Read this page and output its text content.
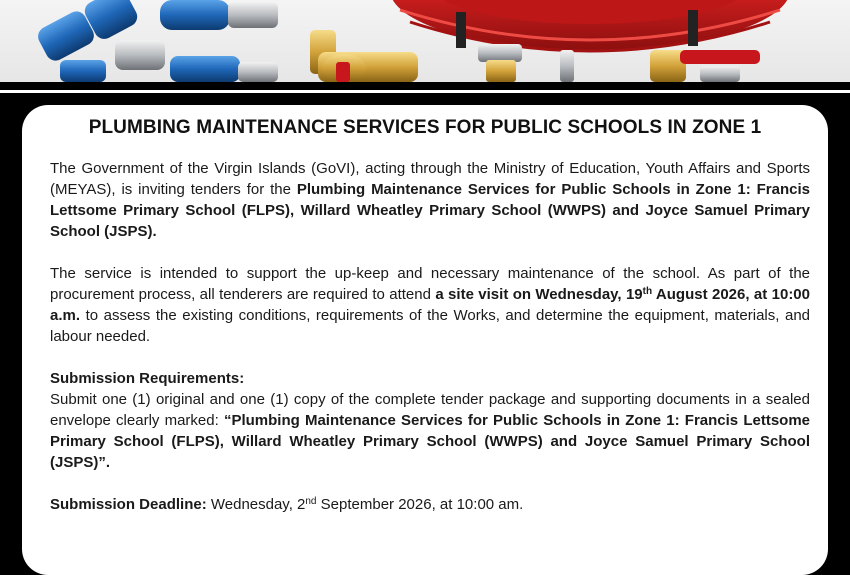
PLUMBING MAINTENANCE SERVICES FOR PUBLIC SCHOOLS IN ZONE 1

The Government of the Virgin Islands (GoVI), acting through the Ministry of Education, Youth Affairs and Sports (MEYAS), is inviting tenders for the Plumbing Maintenance Services for Public Schools in Zone 1: Francis Lettsome Primary School (FLPS), Willard Wheatley Primary School (WWPS) and Joyce Samuel Primary School (JSPS).

The service is intended to support the up-keep and necessary maintenance of the school. As part of the procurement process, all tenderers are required to attend a site visit on Wednesday, 19th August 2026, at 10:00 a.m. to assess the existing conditions, requirements of the Works, and determine the equipment, materials, and labour needed.

Submission Requirements:
Submit one (1) original and one (1) copy of the complete tender package and supporting documents in a sealed envelope clearly marked: “Plumbing Maintenance Services for Public Schools in Zone 1: Francis Lettsome Primary School (FLPS), Willard Wheatley Primary School (WWPS) and Joyce Samuel Primary School (JSPS)”.

Submission Deadline: Wednesday, 2nd September 2026, at 10:00 am.
